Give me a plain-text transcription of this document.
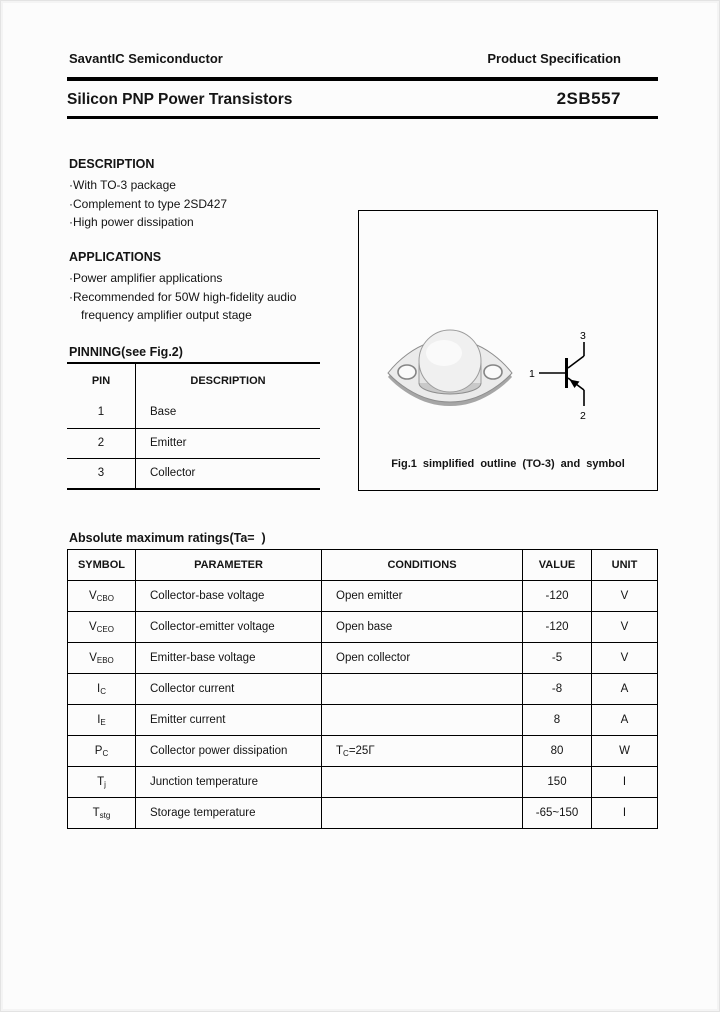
SavantIC Semiconductor	Product Specification
Silicon PNP Power Transistors	2SB557
DESCRIPTION
·With TO-3 package
·Complement to type 2SD427
·High power dissipation
APPLICATIONS
·Power amplifier applications
·Recommended for 50W high-fidelity audio
frequency amplifier output stage
PINNING(see Fig.2)
PIN	DESCRIPTION
1	Base
2	Emitter
3	Collector
1
3
2
Fig.1 simplified outline (TO-3) and symbol
Absolute maximum ratings(Ta=  )
SYMBOL	PARAMETER	CONDITIONS	VALUE	UNIT
$V_{CBO}$	Collector-base voltage	Open emitter	-120	V
$V_{CEO}$	Collector-emitter voltage	Open base	-120	V
$V_{EBO}$	Emitter-base voltage	Open collector	-5	V
$I_C$	Collector current		-8	A
$I_E$	Emitter current		8	A
$P_C$	Collector power dissipation	$T_C=25\Gamma$	80	W
$T_j$	Junction temperature		150	I
$T_{stg}$	Storage temperature		-65~150	I
